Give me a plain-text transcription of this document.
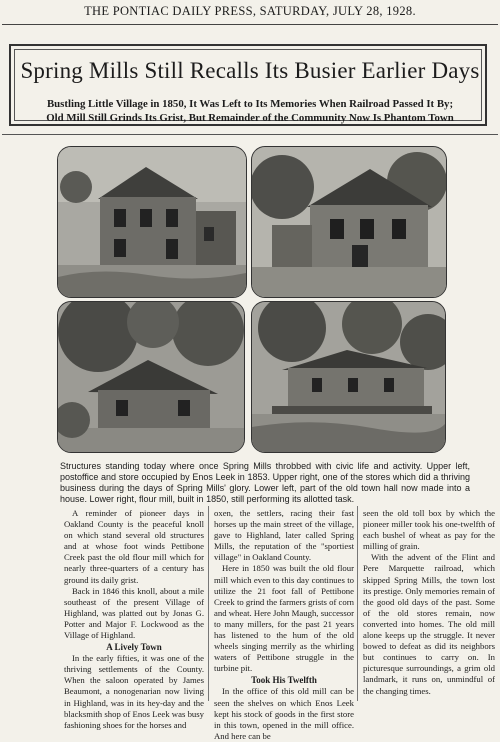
THE PONTIAC DAILY PRESS, SATURDAY, JULY 28, 1928.
Spring Mills Still Recalls Its Busier Earlier Days
Bustling Little Village in 1850, It Was Left to Its Memories When Railroad Passed It By;
Old Mill Still Grinds Its Grist, But Remainder of the Community Now Is Phantom Town
Structures standing today where once Spring Mills throbbed with civic life and activity. Upper left, postoffice and store occupied by Enos Leek in 1853. Upper right, one of the stores which did a thriving business during the days of Spring Mills' glory. Lower left, part of the old town hall now made into a house. Lower right, flour mill, built in 1850, still performing its allotted task.

A reminder of pioneer days in Oakland County is the peaceful knoll on which stand several old structures and at whose foot winds Pettibone Creek past the old flour mill which for nearly three-quarters of a century has ground its daily grist.

Back in 1846 this knoll, about a mile southeast of the present Village of Highland, was platted out by Jonas G. Potter and Major F. Lockwood as the Village of Highland.

A Lively Town

In the early fifties, it was one of the thriving settlements of the County. When the saloon operated by James Beaumont, a nonogenarian now living in Highland, was in its hey-day and the blacksmith shop of Enos Leek was busy fashioning shoes for the horses and

oxen, the settlers, racing their fast horses up the main street of the village, gave to Highland, later called Spring Mills, the reputation of the "sportiest village" in Oakland County.

Here in 1850 was built the old flour mill which even to this day continues to utilize the 21 foot fall of Pettibone Creek to grind the farmers grists of corn and wheat. Here John Maugh, successor to many millers, for the past 21 years has listened to the hum of the old wheels singing merrily as the whirling waters of Pettibone struggle in the turbine pit.

Took His Twelfth

In the office of this old mill can be seen the shelves on which Enos Leek kept his stock of goods in the first store in this town, opened in the mill office. And here can be

seen the old toll box by which the pioneer miller took his one-twelfth of each bushel of wheat as pay for the milling of grain.

With the advent of the Flint and Pere Marquette railroad, which skipped Spring Mills, the town lost its prestige. Only memories remain of the good old days of the past. Some of the old stores remain, now converted into homes. The old mill alone keeps up the struggle. It never bowed to defeat as did its neighbors but continues to carry on. In picturesque surroundings, a grim old landmark, it runs on, unmindful of the changing times.
